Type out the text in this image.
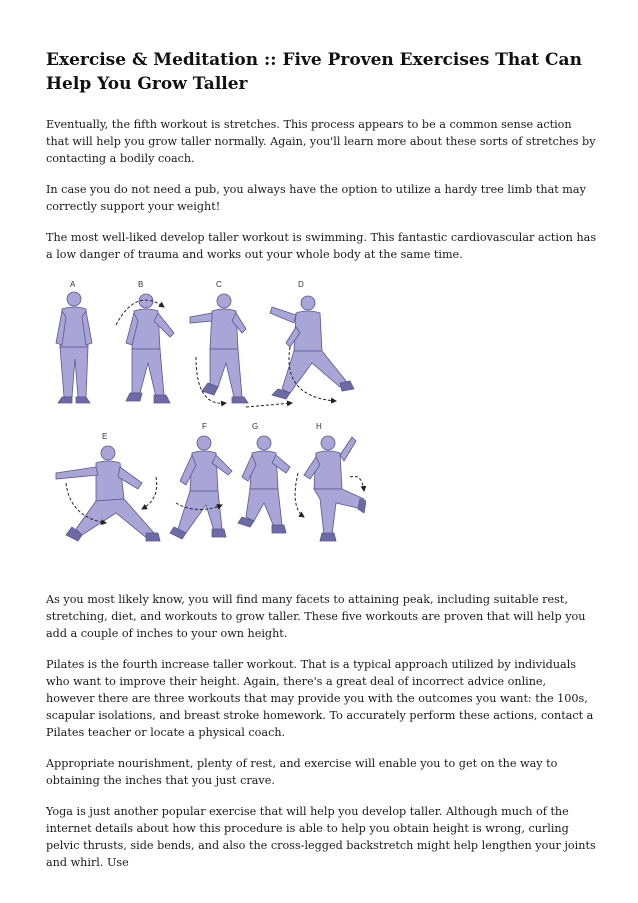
Exercise & Meditation :: Five Proven Exercises That Can Help You Grow Taller

Eventually, the fifth workout is stretches. This process appears to be a common sense action that will help you grow taller normally. Again, you'll learn more about these sorts of stretches by contacting a bodily coach.

In case you do not need a pub, you always have the option to utilize a hardy tree limb that may correctly support your weight!

The most well-liked develop taller workout is swimming. This fantastic cardiovascular action has a low danger of trauma and works out your whole body at the same time.

A	B	C	D
E
F	G	H

As you most likely know, you will find many facets to attaining peak, including suitable rest, stretching, diet, and workouts to grow taller. These five workouts are proven that will help you add a couple of inches to your own height.

Pilates is the fourth increase taller workout. That is a typical approach utilized by individuals who want to improve their height. Again, there's a great deal of incorrect advice online, however there are three workouts that may provide you with the outcomes you want: the 100s, scapular isolations, and breast stroke homework. To accurately perform these actions, contact a Pilates teacher or locate a physical coach.

Appropriate nourishment, plenty of rest, and exercise will enable you to get on the way to obtaining the inches that you just crave.

Yoga is just another popular exercise that will help you develop taller. Although much of the internet details about how this procedure is able to help you obtain height is wrong, curling pelvic thrusts, side bends, and also the cross-legged backstretch might help lengthen your joints and whirl. Use
